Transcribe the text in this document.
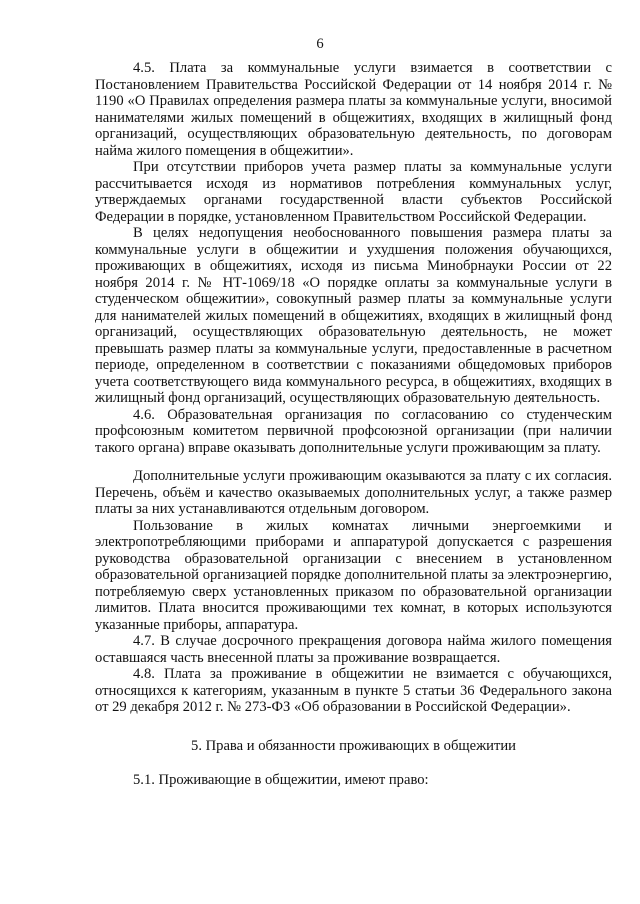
6

4.5. Плата за коммунальные услуги взимается в соответствии с Постановлением Правительства Российской Федерации от 14 ноября 2014 г. № 1190 «О Правилах определения размера платы за коммунальные услуги, вносимой нанимателями жилых помещений в общежитиях, входящих в жилищный фонд организаций, осуществляющих образовательную деятельность, по договорам найма жилого помещения в общежитии».

При отсутствии приборов учета размер платы за коммунальные услуги рассчитывается исходя из нормативов потребления коммунальных услуг, утверждаемых органами государственной власти субъектов Российской Федерации в порядке, установленном Правительством Российской Федерации.

В целях недопущения необоснованного повышения размера платы за коммунальные услуги в общежитии и ухудшения положения обучающихся, проживающих в общежитиях, исходя из письма Минобрнауки России от 22 ноября 2014 г. № НТ-1069/18 «О порядке оплаты за коммунальные услуги в студенческом общежитии», совокупный размер платы за коммунальные услуги для нанимателей жилых помещений в общежитиях, входящих в жилищный фонд организаций, осуществляющих образовательную деятельность, не может превышать размер платы за коммунальные услуги, предоставленные в расчетном периоде, определенном в соответствии с показаниями общедомовых приборов учета соответствующего вида коммунального ресурса, в общежитиях, входящих в жилищный фонд организаций, осуществляющих образовательную деятельность.

4.6. Образовательная организация по согласованию со студенческим профсоюзным комитетом первичной профсоюзной организации (при наличии такого органа) вправе оказывать дополнительные услуги проживающим за плату.

Дополнительные услуги проживающим оказываются за плату с их согласия. Перечень, объём и качество оказываемых дополнительных услуг, а также размер платы за них устанавливаются отдельным договором.

Пользование в жилых комнатах личными энергоемкими и электропотребляющими приборами и аппаратурой допускается с разрешения руководства образовательной организации с внесением в установленном образовательной организацией порядке дополнительной платы за электроэнергию, потребляемую сверх установленных приказом по образовательной организации лимитов. Плата вносится проживающими тех комнат, в которых используются указанные приборы, аппаратура.

4.7. В случае досрочного прекращения договора найма жилого помещения оставшаяся часть внесенной платы за проживание возвращается.

4.8. Плата за проживание в общежитии не взимается с обучающихся, относящихся к категориям, указанным в пункте 5 статьи 36 Федерального закона от 29 декабря 2012 г. № 273-ФЗ «Об образовании в Российской Федерации».

5. Права и обязанности проживающих в общежитии

5.1. Проживающие в общежитии, имеют право:
